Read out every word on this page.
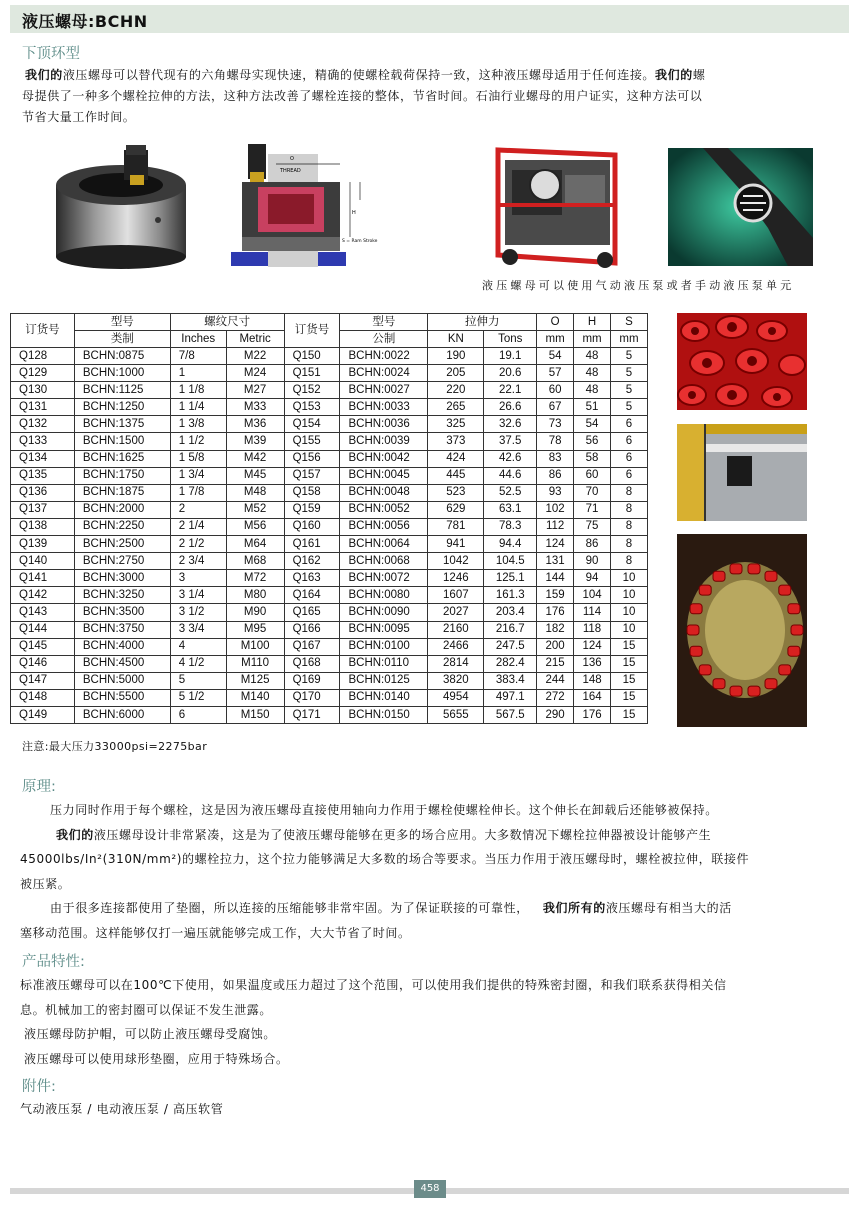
液压螺母:BCHN
下顶环型
我们的液压螺母可以替代现有的六角螺母实现快速，精确的使螺栓载荷保持一致，这种液压螺母适用于任何连接。我们的螺
母提供了一种多个螺栓拉伸的方法，这种方法改善了螺栓连接的整体，节省时间。石油行业螺母的用户证实，这种方法可以
节省大量工作时间。
O
THREAD
H
S = Ram Stroke
液压螺母可以使用气动液压泵或者手动液压泵单元
订货号	型号	螺纹尺寸		订货号	型号	拉伸力		O	H	S
	类制	Inches	Metric		公制	KN	Tons	mm	mm	mm
Q128	BCHN:0875	7/8	M22	Q150	BCHN:0022	190	19.1	54	48	5
Q129	BCHN:1000	1	M24	Q151	BCHN:0024	205	20.6	57	48	5
Q130	BCHN:1125	1 1/8	M27	Q152	BCHN:0027	220	22.1	60	48	5
Q131	BCHN:1250	1 1/4	M33	Q153	BCHN:0033	265	26.6	67	51	5
Q132	BCHN:1375	1 3/8	M36	Q154	BCHN:0036	325	32.6	73	54	6
Q133	BCHN:1500	1 1/2	M39	Q155	BCHN:0039	373	37.5	78	56	6
Q134	BCHN:1625	1 5/8	M42	Q156	BCHN:0042	424	42.6	83	58	6
Q135	BCHN:1750	1 3/4	M45	Q157	BCHN:0045	445	44.6	86	60	6
Q136	BCHN:1875	1 7/8	M48	Q158	BCHN:0048	523	52.5	93	70	8
Q137	BCHN:2000	2	M52	Q159	BCHN:0052	629	63.1	102	71	8
Q138	BCHN:2250	2 1/4	M56	Q160	BCHN:0056	781	78.3	112	75	8
Q139	BCHN:2500	2 1/2	M64	Q161	BCHN:0064	941	94.4	124	86	8
Q140	BCHN:2750	2 3/4	M68	Q162	BCHN:0068	1042	104.5	131	90	8
Q141	BCHN:3000	3	M72	Q163	BCHN:0072	1246	125.1	144	94	10
Q142	BCHN:3250	3 1/4	M80	Q164	BCHN:0080	1607	161.3	159	104	10
Q143	BCHN:3500	3 1/2	M90	Q165	BCHN:0090	2027	203.4	176	114	10
Q144	BCHN:3750	3 3/4	M95	Q166	BCHN:0095	2160	216.7	182	118	10
Q145	BCHN:4000	4	M100	Q167	BCHN:0100	2466	247.5	200	124	15
Q146	BCHN:4500	4 1/2	M110	Q168	BCHN:0110	2814	282.4	215	136	15
Q147	BCHN:5000	5	M125	Q169	BCHN:0125	3820	383.4	244	148	15
Q148	BCHN:5500	5 1/2	M140	Q170	BCHN:0140	4954	497.1	272	164	15
Q149	BCHN:6000	6	M150	Q171	BCHN:0150	5655	567.5	290	176	15
注意:最大压力33000psi=2275bar
原理:
压力同时作用于每个螺栓，这是因为液压螺母直接使用轴向力作用于螺栓使螺栓伸长。这个伸长在卸载后还能够被保持。
我们的液压螺母设计非常紧凑，这是为了使液压螺母能够在更多的场合应用。大多数情况下螺栓拉伸器被设计能够产生
45000lbs/In²(310N/mm²)的螺栓拉力，这个拉力能够满足大多数的场合等要求。当压力作用于液压螺母时，螺栓被拉伸，联接件
被压紧。
由于很多连接都使用了垫圈，所以连接的压缩能够非常牢固。为了保证联接的可靠性， 我们所有的液压螺母有相当大的活
塞移动范围。这样能够仅打一遍压就能够完成工作，大大节省了时间。
产品特性:
标准液压螺母可以在100℃下使用，如果温度或压力超过了这个范围，可以使用我们提供的特殊密封圈，和我们联系获得相关信
息。机械加工的密封圈可以保证不发生泄露。
液压螺母防护帽，可以防止液压螺母受腐蚀。
液压螺母可以使用球形垫圈，应用于特殊场合。
附件:
气动液压泵 / 电动液压泵 / 高压软管
458
